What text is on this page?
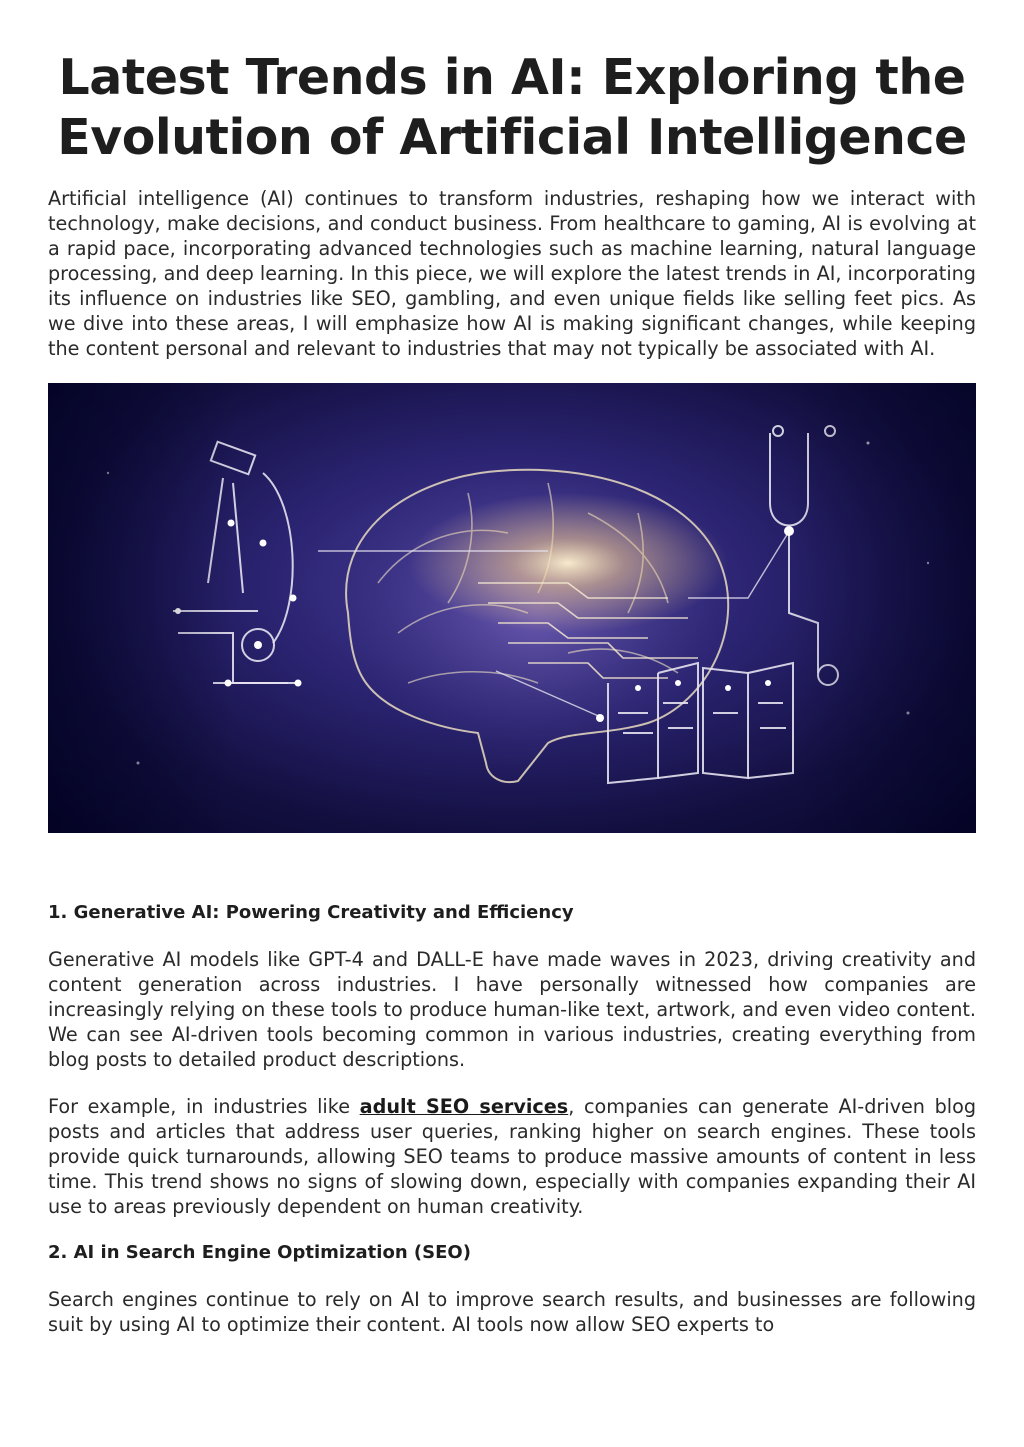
Latest Trends in AI: Exploring the Evolution of Artificial Intelligence

Artificial intelligence (AI) continues to transform industries, reshaping how we interact with technology, make decisions, and conduct business. From healthcare to gaming, AI is evolving at a rapid pace, incorporating advanced technologies such as machine learning, natural language processing, and deep learning. In this piece, we will explore the latest trends in AI, incorporating its influence on industries like SEO, gambling, and even unique fields like selling feet pics. As we dive into these areas, I will emphasize how AI is making significant changes, while keeping the content personal and relevant to industries that may not typically be associated with AI.

1. Generative AI: Powering Creativity and Efficiency

Generative AI models like GPT-4 and DALL-E have made waves in 2023, driving creativity and content generation across industries. I have personally witnessed how companies are increasingly relying on these tools to produce human-like text, artwork, and even video content. We can see AI-driven tools becoming common in various industries, creating everything from blog posts to detailed product descriptions.

For example, in industries like adult SEO services, companies can generate AI-driven blog posts and articles that address user queries, ranking higher on search engines. These tools provide quick turnarounds, allowing SEO teams to produce massive amounts of content in less time. This trend shows no signs of slowing down, especially with companies expanding their AI use to areas previously dependent on human creativity.

2. AI in Search Engine Optimization (SEO)

Search engines continue to rely on AI to improve search results, and businesses are following suit by using AI to optimize their content. AI tools now allow SEO experts to
